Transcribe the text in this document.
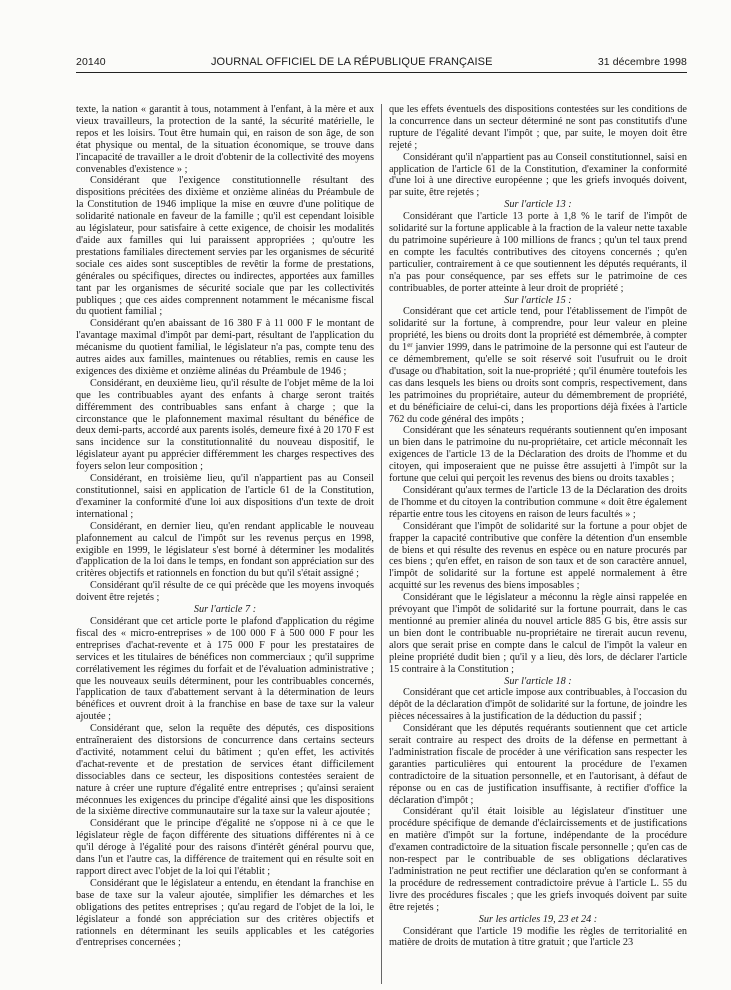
20140	JOURNAL OFFICIEL DE LA RÉPUBLIQUE FRANÇAISE	31 décembre 1998

texte, la nation « garantit à tous, notamment à l'enfant, à la mère et aux vieux travailleurs, la protection de la santé, la sécurité matérielle, le repos et les loisirs. Tout être humain qui, en raison de son âge, de son état physique ou mental, de la situation économique, se trouve dans l'incapacité de travailler a le droit d'obtenir de la collectivité des moyens convenables d'existence » ;

Considérant que l'exigence constitutionnelle résultant des dispositions précitées des dixième et onzième alinéas du Préambule de la Constitution de 1946 implique la mise en œuvre d'une politique de solidarité nationale en faveur de la famille ; qu'il est cependant loisible au législateur, pour satisfaire à cette exigence, de choisir les modalités d'aide aux familles qui lui paraissent appropriées ; qu'outre les prestations familiales directement servies par les organismes de sécurité sociale ces aides sont susceptibles de revêtir la forme de prestations, générales ou spécifiques, directes ou indirectes, apportées aux familles tant par les organismes de sécurité sociale que par les collectivités publiques ; que ces aides comprennent notamment le mécanisme fiscal du quotient familial ;

Considérant qu'en abaissant de 16 380 F à 11 000 F le montant de l'avantage maximal d'impôt par demi-part, résultant de l'application du mécanisme du quotient familial, le législateur n'a pas, compte tenu des autres aides aux familles, maintenues ou rétablies, remis en cause les exigences des dixième et onzième alinéas du Préambule de 1946 ;

Considérant, en deuxième lieu, qu'il résulte de l'objet même de la loi que les contribuables ayant des enfants à charge seront traités différemment des contribuables sans enfant à charge ; que la circonstance que le plafonnement maximal résultant du bénéfice de deux demi-parts, accordé aux parents isolés, demeure fixé à 20 170 F est sans incidence sur la constitutionnalité du nouveau dispositif, le législateur ayant pu apprécier différemment les charges respectives des foyers selon leur composition ;

Considérant, en troisième lieu, qu'il n'appartient pas au Conseil constitutionnel, saisi en application de l'article 61 de la Constitution, d'examiner la conformité d'une loi aux dispositions d'un texte de droit international ;

Considérant, en dernier lieu, qu'en rendant applicable le nouveau plafonnement au calcul de l'impôt sur les revenus perçus en 1998, exigible en 1999, le législateur s'est borné à déterminer les modalités d'application de la loi dans le temps, en fondant son appréciation sur des critères objectifs et rationnels en fonction du but qu'il s'était assigné ;

Considérant qu'il résulte de ce qui précède que les moyens invoqués doivent être rejetés ;

Sur l'article 7 :

Considérant que cet article porte le plafond d'application du régime fiscal des « micro-entreprises » de 100 000 F à 500 000 F pour les entreprises d'achat-revente et à 175 000 F pour les prestataires de services et les titulaires de bénéfices non commerciaux ; qu'il supprime corrélativement les régimes du forfait et de l'évaluation administrative ; que les nouveaux seuils déterminent, pour les contribuables concernés, l'application de taux d'abattement servant à la détermination de leurs bénéfices et ouvrent droit à la franchise en base de taxe sur la valeur ajoutée ;

Considérant que, selon la requête des députés, ces dispositions entraîneraient des distorsions de concurrence dans certains secteurs d'activité, notamment celui du bâtiment ; qu'en effet, les activités d'achat-revente et de prestation de services étant difficilement dissociables dans ce secteur, les dispositions contestées seraient de nature à créer une rupture d'égalité entre entreprises ; qu'ainsi seraient méconnues les exigences du principe d'égalité ainsi que les dispositions de la sixième directive communautaire sur la taxe sur la valeur ajoutée ;

Considérant que le principe d'égalité ne s'oppose ni à ce que le législateur règle de façon différente des situations différentes ni à ce qu'il déroge à l'égalité pour des raisons d'intérêt général pourvu que, dans l'un et l'autre cas, la différence de traitement qui en résulte soit en rapport direct avec l'objet de la loi qui l'établit ;

Considérant que le législateur a entendu, en étendant la franchise en base de taxe sur la valeur ajoutée, simplifier les démarches et les obligations des petites entreprises ; qu'au regard de l'objet de la loi, le législateur a fondé son appréciation sur des critères objectifs et rationnels en déterminant les seuils applicables et les catégories d'entreprises concernées ;

que les effets éventuels des dispositions contestées sur les conditions de la concurrence dans un secteur déterminé ne sont pas constitutifs d'une rupture de l'égalité devant l'impôt ; que, par suite, le moyen doit être rejeté ;

Considérant qu'il n'appartient pas au Conseil constitutionnel, saisi en application de l'article 61 de la Constitution, d'examiner la conformité d'une loi à une directive européenne ; que les griefs invoqués doivent, par suite, être rejetés ;

Sur l'article 13 :

Considérant que l'article 13 porte à 1,8 % le tarif de l'impôt de solidarité sur la fortune applicable à la fraction de la valeur nette taxable du patrimoine supérieure à 100 millions de francs ; qu'un tel taux prend en compte les facultés contributives des citoyens concernés ; qu'en particulier, contrairement à ce que soutiennent les députés requérants, il n'a pas pour conséquence, par ses effets sur le patrimoine de ces contribuables, de porter atteinte à leur droit de propriété ;

Sur l'article 15 :

Considérant que cet article tend, pour l'établissement de l'impôt de solidarité sur la fortune, à comprendre, pour leur valeur en pleine propriété, les biens ou droits dont la propriété est démembrée, à compter du 1er janvier 1999, dans le patrimoine de la personne qui est l'auteur de ce démembrement, qu'elle se soit réservé soit l'usufruit ou le droit d'usage ou d'habitation, soit la nue-propriété ; qu'il énumère toutefois les cas dans lesquels les biens ou droits sont compris, respectivement, dans les patrimoines du propriétaire, auteur du démembrement de propriété, et du bénéficiaire de celui-ci, dans les proportions déjà fixées à l'article 762 du code général des impôts ;

Considérant que les sénateurs requérants soutiennent qu'en imposant un bien dans le patrimoine du nu-propriétaire, cet article méconnaît les exigences de l'article 13 de la Déclaration des droits de l'homme et du citoyen, qui imposeraient que ne puisse être assujetti à l'impôt sur la fortune que celui qui perçoit les revenus des biens ou droits taxables ;

Considérant qu'aux termes de l'article 13 de la Déclaration des droits de l'homme et du citoyen la contribution commune « doit être également répartie entre tous les citoyens en raison de leurs facultés » ;

Considérant que l'impôt de solidarité sur la fortune a pour objet de frapper la capacité contributive que confère la détention d'un ensemble de biens et qui résulte des revenus en espèce ou en nature procurés par ces biens ; qu'en effet, en raison de son taux et de son caractère annuel, l'impôt de solidarité sur la fortune est appelé normalement à être acquitté sur les revenus des biens imposables ;

Considérant que le législateur a méconnu la règle ainsi rappelée en prévoyant que l'impôt de solidarité sur la fortune pourrait, dans le cas mentionné au premier alinéa du nouvel article 885 G bis, être assis sur un bien dont le contribuable nu-propriétaire ne tirerait aucun revenu, alors que serait prise en compte dans le calcul de l'impôt la valeur en pleine propriété dudit bien ; qu'il y a lieu, dès lors, de déclarer l'article 15 contraire à la Constitution ;

Sur l'article 18 :

Considérant que cet article impose aux contribuables, à l'occasion du dépôt de la déclaration d'impôt de solidarité sur la fortune, de joindre les pièces nécessaires à la justification de la déduction du passif ;

Considérant que les députés requérants soutiennent que cet article serait contraire au respect des droits de la défense en permettant à l'administration fiscale de procéder à une vérification sans respecter les garanties particulières qui entourent la procédure de l'examen contradictoire de la situation personnelle, et en l'autorisant, à défaut de réponse ou en cas de justification insuffisante, à rectifier d'office la déclaration d'impôt ;

Considérant qu'il était loisible au législateur d'instituer une procédure spécifique de demande d'éclaircissements et de justifications en matière d'impôt sur la fortune, indépendante de la procédure d'examen contradictoire de la situation fiscale personnelle ; qu'en cas de non-respect par le contribuable de ses obligations déclaratives l'administration ne peut rectifier une déclaration qu'en se conformant à la procédure de redressement contradictoire prévue à l'article L. 55 du livre des procédures fiscales ; que les griefs invoqués doivent par suite être rejetés ;

Sur les articles 19, 23 et 24 :

Considérant que l'article 19 modifie les règles de territorialité en matière de droits de mutation à titre gratuit ; que l'article 23
